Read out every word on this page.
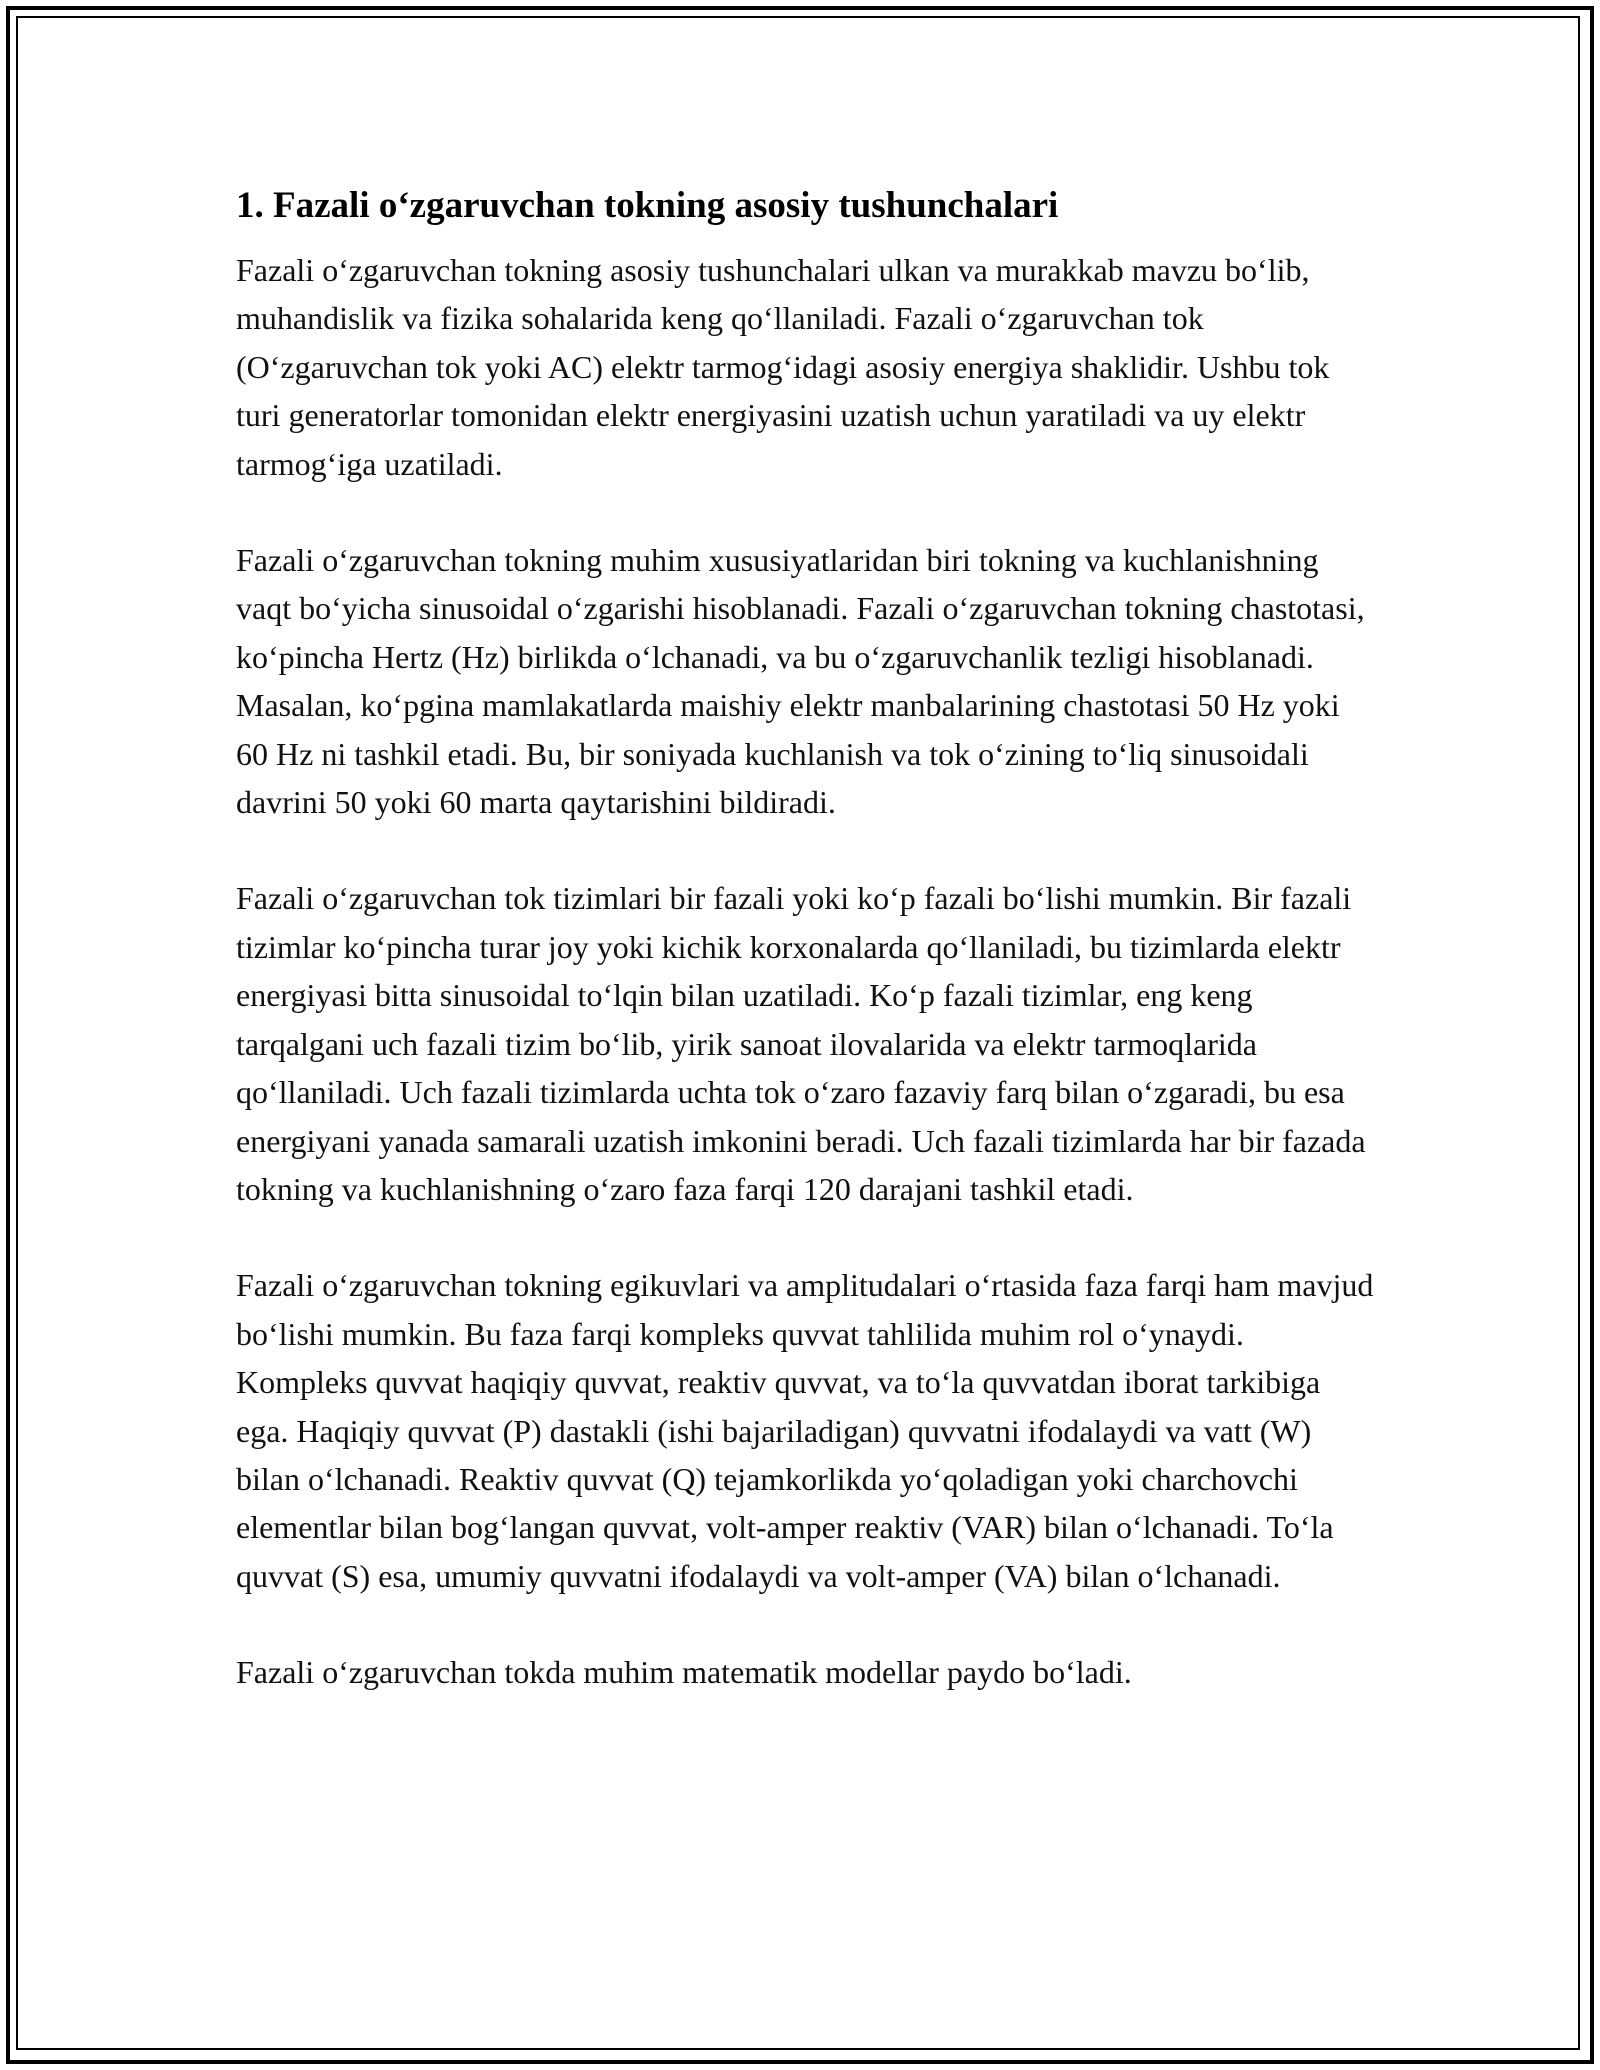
1. Fazali oʻzgaruvchan tokning asosiy tushunchalari

Fazali oʻzgaruvchan tokning asosiy tushunchalari ulkan va murakkab mavzu boʻlib, muhandislik va fizika sohalarida keng qoʻllaniladi. Fazali oʻzgaruvchan tok (Oʻzgaruvchan tok yoki AC) elektr tarmogʻidagi asosiy energiya shaklidir. Ushbu tok turi generatorlar tomonidan elektr energiyasini uzatish uchun yaratiladi va uy elektr tarmogʻiga uzatiladi.

Fazali oʻzgaruvchan tokning muhim xususiyatlaridan biri tokning va kuchlanishning vaqt boʻyicha sinusoidal oʻzgarishi hisoblanadi. Fazali oʻzgaruvchan tokning chastotasi, koʻpincha Hertz (Hz) birlikda oʻlchanadi, va bu oʻzgaruvchanlik tezligi hisoblanadi. Masalan, koʻpgina mamlakatlarda maishiy elektr manbalarining chastotasi 50 Hz yoki 60 Hz ni tashkil etadi. Bu, bir soniyada kuchlanish va tok oʻzining toʻliq sinusoidali davrini 50 yoki 60 marta qaytarishini bildiradi.

Fazali oʻzgaruvchan tok tizimlari bir fazali yoki koʻp fazali boʻlishi mumkin. Bir fazali tizimlar koʻpincha turar joy yoki kichik korxonalarda qoʻllaniladi, bu tizimlarda elektr energiyasi bitta sinusoidal toʻlqin bilan uzatiladi. Koʻp fazali tizimlar, eng keng tarqalgani uch fazali tizim boʻlib, yirik sanoat ilovalarida va elektr tarmoqlarida qoʻllaniladi. Uch fazali tizimlarda uchta tok oʻzaro fazaviy farq bilan oʻzgaradi, bu esa energiyani yanada samarali uzatish imkonini beradi. Uch fazali tizimlarda har bir fazada tokning va kuchlanishning oʻzaro faza farqi 120 darajani tashkil etadi.

Fazali oʻzgaruvchan tokning egikuvlari va amplitudalari oʻrtasida faza farqi ham mavjud boʻlishi mumkin. Bu faza farqi kompleks quvvat tahlilida muhim rol oʻynaydi. Kompleks quvvat haqiqiy quvvat, reaktiv quvvat, va toʻla quvvatdan iborat tarkibiga ega. Haqiqiy quvvat (P) dastakli (ishi bajariladigan) quvvatni ifodalaydi va vatt (W) bilan oʻlchanadi. Reaktiv quvvat (Q) tejamkorlikda yoʻqoladigan yoki charchovchi elementlar bilan bogʻlangan quvvat, volt-amper reaktiv (VAR) bilan oʻlchanadi. Toʻla quvvat (S) esa, umumiy quvvatni ifodalaydi va volt-amper (VA) bilan oʻlchanadi.

Fazali oʻzgaruvchan tokda muhim matematik modellar paydo boʻladi.
